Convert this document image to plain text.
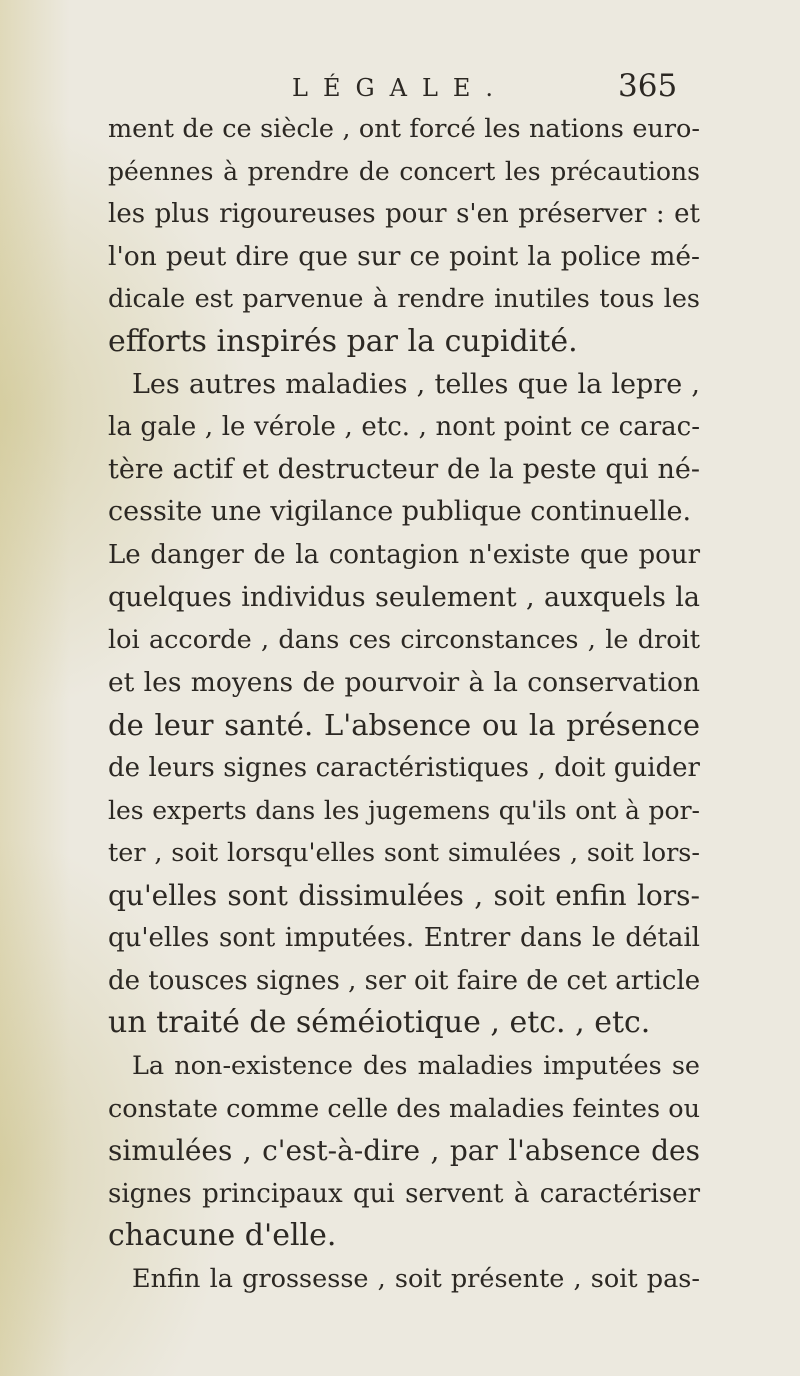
LÉGALE.	365
ment de ce siècle , ont forcé les nations euro-
péennes à prendre de concert les précautions
les plus rigoureuses pour s'en préserver : et
l'on peut dire que sur ce point la police mé-
dicale est parvenue à rendre inutiles tous les
efforts inspirés par la cupidité.
Les autres maladies , telles que la lepre ,
la gale , le vérole , etc. , nont point ce carac-
tère actif et destructeur de la peste qui né-
cessite une vigilance publique continuelle.
Le danger de la contagion n'existe que pour
quelques individus seulement , auxquels la
loi accorde , dans ces circonstances , le droit
et les moyens de pourvoir à la conservation
de leur santé. L'absence ou la présence
de leurs signes caractéristiques , doit guider
les experts dans les jugemens qu'ils ont à por-
ter , soit lorsqu'elles sont simulées , soit lors-
qu'elles sont dissimulées , soit enfin lors-
qu'elles sont imputées. Entrer dans le détail
de tousces signes , ser oit faire de cet article
un traité de séméiotique , etc. , etc.
La non-existence des maladies imputées se
constate comme celle des maladies feintes ou
simulées , c'est-à-dire , par l'absence des
signes principaux qui servent à caractériser
chacune d'elle.
Enfin la grossesse , soit présente , soit pas-
